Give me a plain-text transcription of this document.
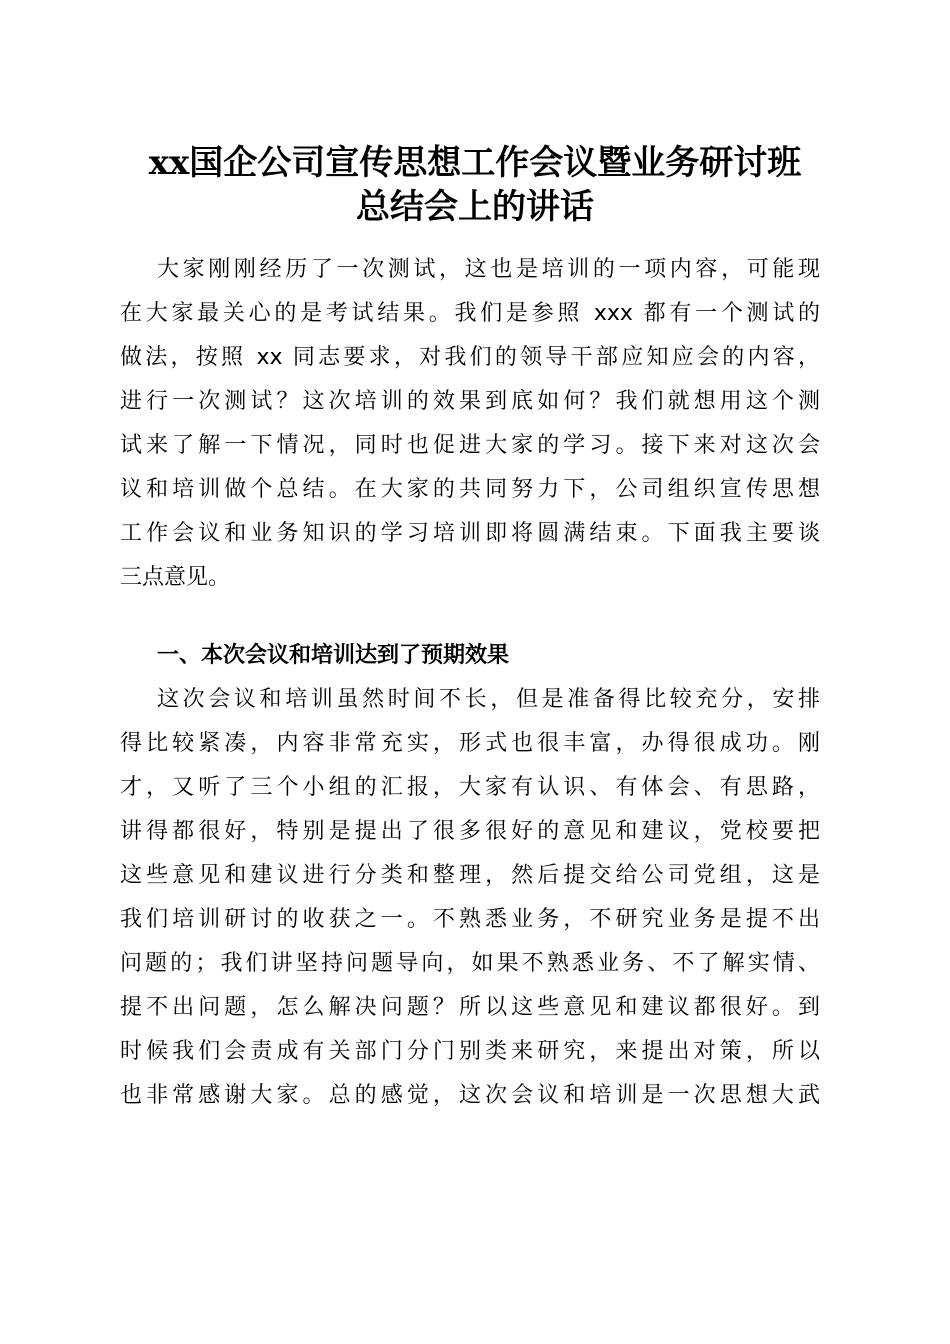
xx国企公司宣传思想工作会议暨业务研讨班
总结会上的讲话
大家刚刚经历了一次测试，这也是培训的一项内容，可能现
在大家最关心的是考试结果。我们是参照 xxx 都有一个测试的
做法，按照 xx 同志要求，对我们的领导干部应知应会的内容，
进行一次测试？这次培训的效果到底如何？我们就想用这个测
试来了解一下情况，同时也促进大家的学习。接下来对这次会
议和培训做个总结。在大家的共同努力下，公司组织宣传思想
工作会议和业务知识的学习培训即将圆满结束。下面我主要谈
三点意见。
一、本次会议和培训达到了预期效果
这次会议和培训虽然时间不长，但是准备得比较充分，安排
得比较紧凑，内容非常充实，形式也很丰富，办得很成功。刚
才，又听了三个小组的汇报，大家有认识、有体会、有思路，
讲得都很好，特别是提出了很多很好的意见和建议，党校要把
这些意见和建议进行分类和整理，然后提交给公司党组，这是
我们培训研讨的收获之一。不熟悉业务，不研究业务是提不出
问题的；我们讲坚持问题导向，如果不熟悉业务、不了解实情、
提不出问题，怎么解决问题？所以这些意见和建议都很好。到
时候我们会责成有关部门分门别类来研究，来提出对策，所以
也非常感谢大家。总的感觉，这次会议和培训是一次思想大武
